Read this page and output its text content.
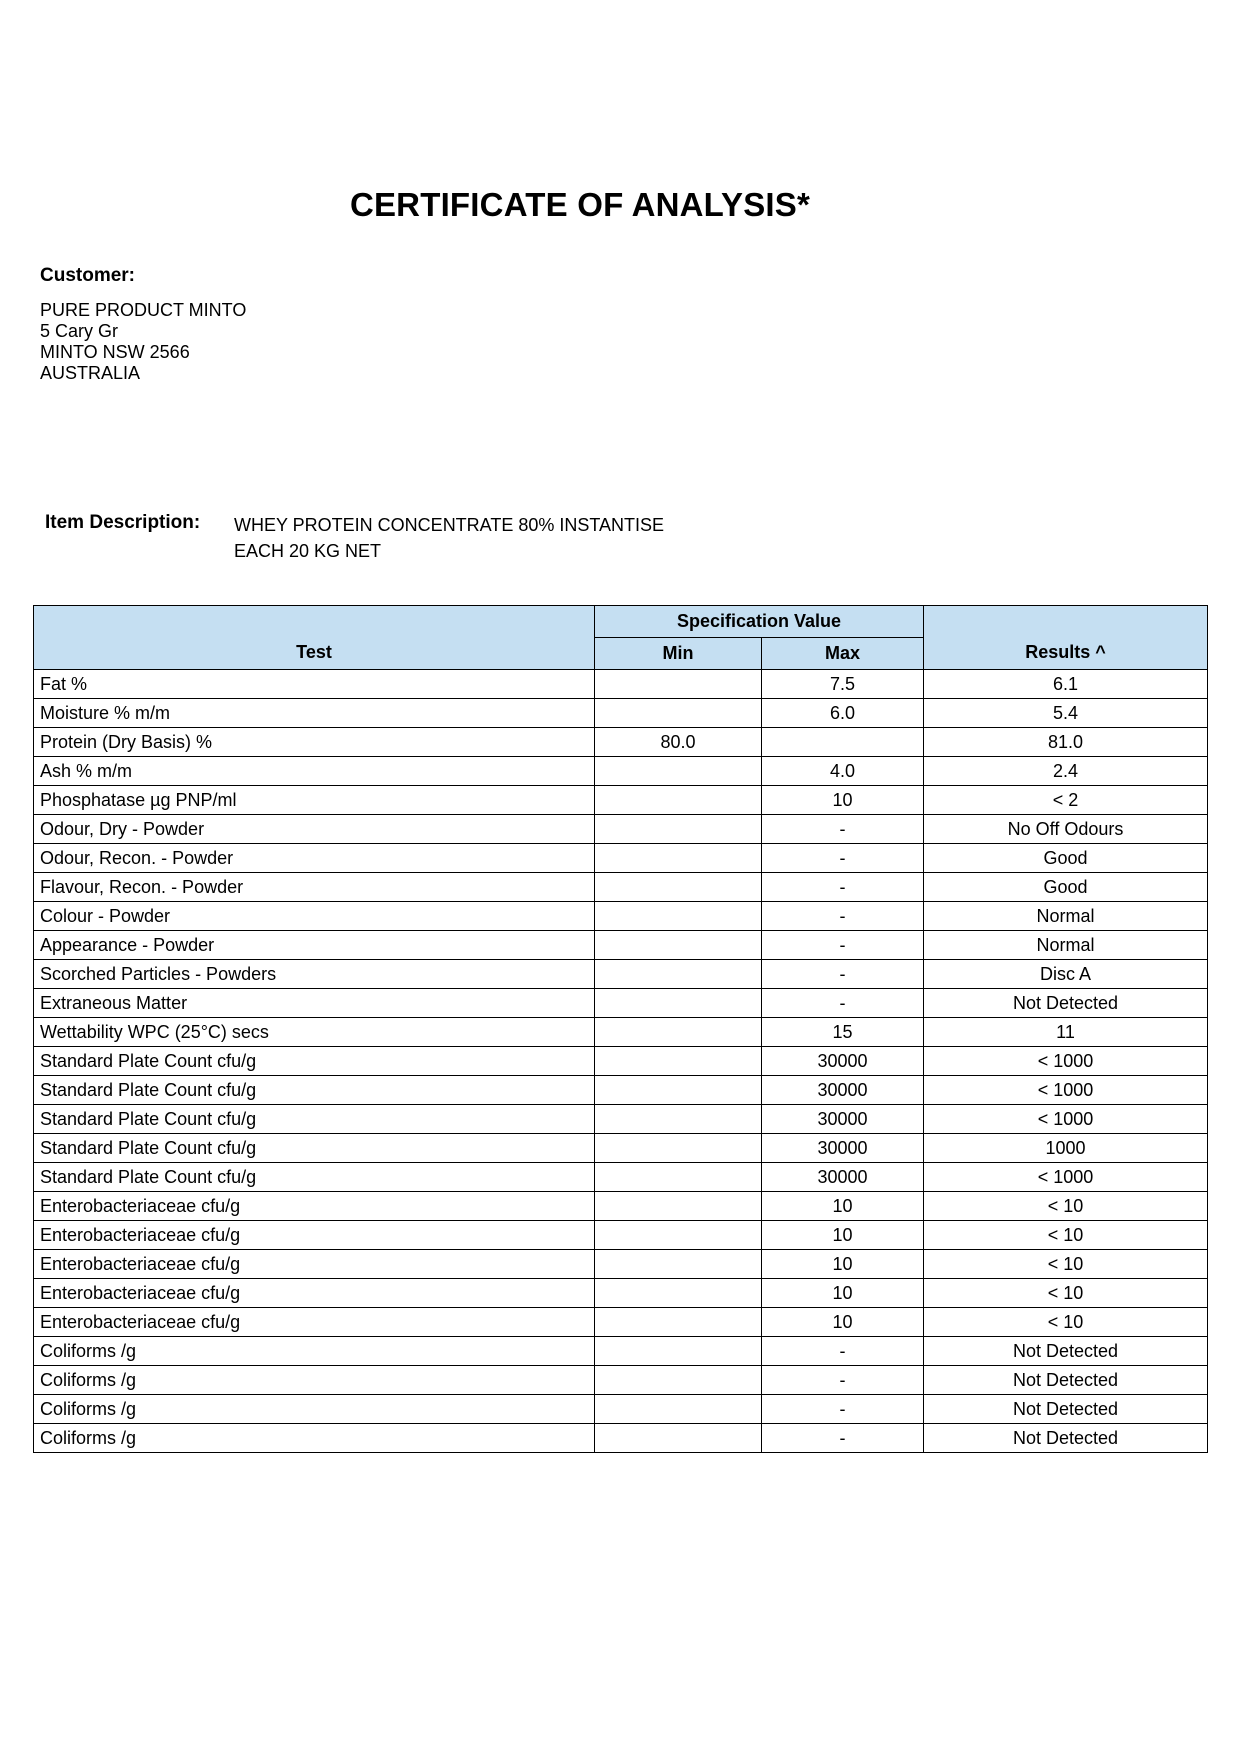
CERTIFICATE OF ANALYSIS*
Customer:
PURE PRODUCT MINTO
5 Cary Gr
MINTO NSW 2566
AUSTRALIA
Item Description: WHEY PROTEIN CONCENTRATE 80% INSTANTISE
EACH 20 KG NET
Test	Specification Value		Results ^
	Min	Max	
Fat %		7.5	6.1
Moisture % m/m		6.0	5.4
Protein (Dry Basis) %	80.0		81.0
Ash % m/m		4.0	2.4
Phosphatase µg PNP/ml		10	< 2
Odour, Dry - Powder		-	No Off Odours
Odour, Recon. - Powder		-	Good
Flavour, Recon. - Powder		-	Good
Colour - Powder		-	Normal
Appearance - Powder		-	Normal
Scorched Particles - Powders		-	Disc A
Extraneous Matter		-	Not Detected
Wettability WPC (25°C) secs		15	11
Standard Plate Count cfu/g		30000	< 1000
Standard Plate Count cfu/g		30000	< 1000
Standard Plate Count cfu/g		30000	< 1000
Standard Plate Count cfu/g		30000	1000
Standard Plate Count cfu/g		30000	< 1000
Enterobacteriaceae cfu/g		10	< 10
Enterobacteriaceae cfu/g		10	< 10
Enterobacteriaceae cfu/g		10	< 10
Enterobacteriaceae cfu/g		10	< 10
Enterobacteriaceae cfu/g		10	< 10
Coliforms /g		-	Not Detected
Coliforms /g		-	Not Detected
Coliforms /g		-	Not Detected
Coliforms /g		-	Not Detected
